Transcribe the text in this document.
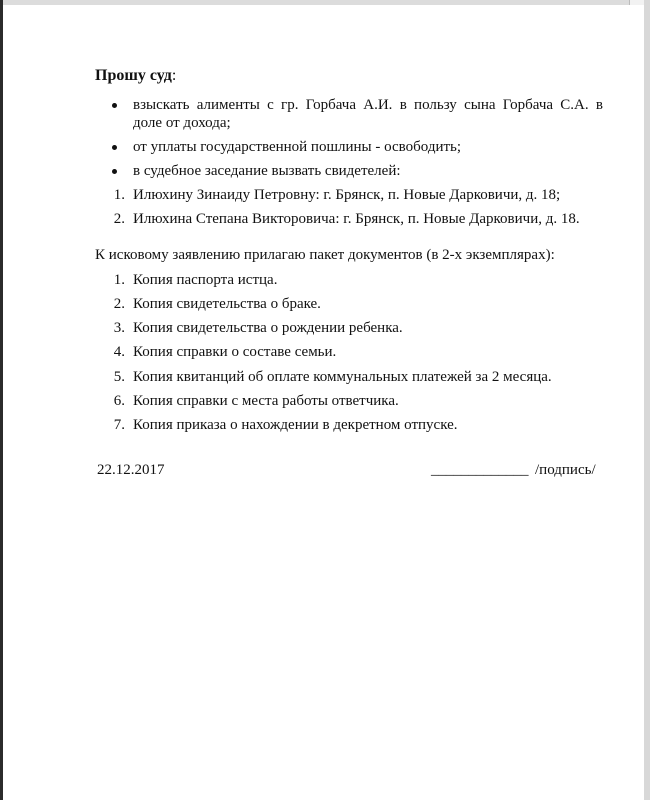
Прошу суд:
взыскать алименты с гр. Горбача А.И. в пользу сына Горбача С.А. в
доле от дохода;
от уплаты государственной пошлины - освободить;
в судебное заседание вызвать свидетелей:
1. Илюхину Зинаиду Петровну: г. Брянск, п. Новые Дарковичи, д. 18;
2. Илюхина Степана Викторовича: г. Брянск, п. Новые Дарковичи, д. 18.
К исковому заявлению прилагаю пакет документов (в 2-х экземплярах):
1. Копия паспорта истца.
2. Копия свидетельства о браке.
3. Копия свидетельства о рождении ребенка.
4. Копия справки о составе семьи.
5. Копия квитанций об оплате коммунальных платежей за 2 месяца.
6. Копия справки с места работы ответчика.
7. Копия приказа о нахождении в декретном отпуске.
22.12.2017	_____________ /подпись/
